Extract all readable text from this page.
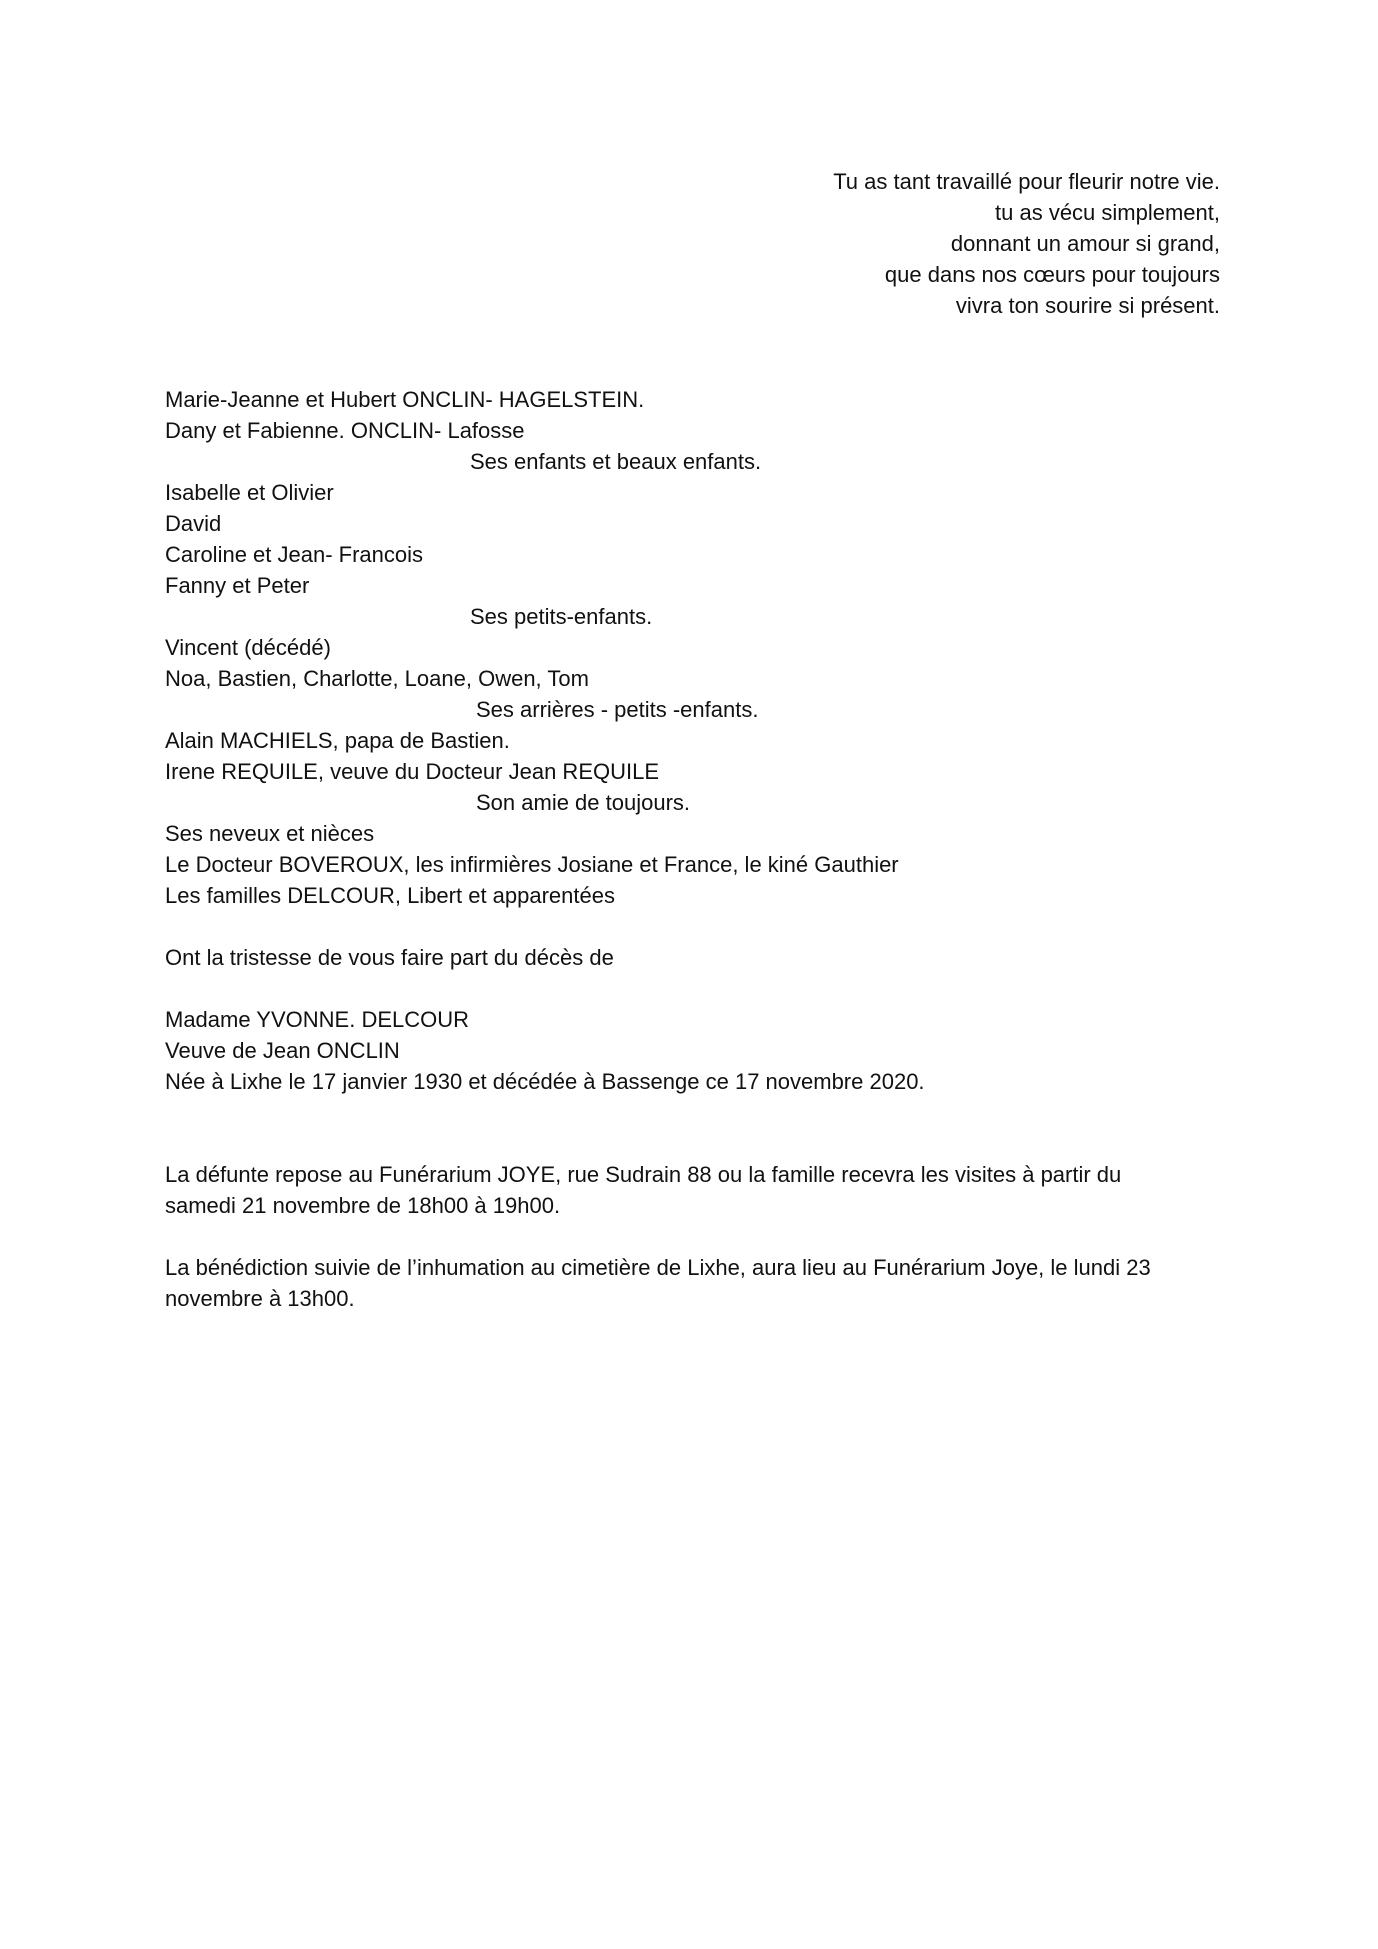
Tu as tant travaillé pour fleurir notre vie.
tu as vécu simplement,
donnant un amour si grand,
que dans nos cœurs pour toujours
vivra ton sourire si présent.
Marie-Jeanne et Hubert ONCLIN- HAGELSTEIN.
Dany et Fabienne. ONCLIN- Lafosse
Ses enfants et beaux enfants.
Isabelle et Olivier
David
Caroline et Jean- Francois
Fanny et Peter
Ses petits-enfants.
Vincent (décédé)
Noa, Bastien, Charlotte, Loane, Owen, Tom
Ses arrières - petits -enfants.
Alain MACHIELS, papa de Bastien.
Irene REQUILE, veuve du Docteur Jean REQUILE
Son amie de toujours.
Ses neveux et nièces
Le Docteur BOVEROUX, les infirmières Josiane et France, le kiné Gauthier
Les familles DELCOUR, Libert et apparentées
Ont la tristesse de vous faire part du décès de
Madame YVONNE. DELCOUR
Veuve de Jean ONCLIN
Née à Lixhe le 17 janvier 1930 et décédée à Bassenge ce 17 novembre 2020.
La défunte repose au Funérarium JOYE, rue Sudrain 88 ou la famille recevra les visites à partir du
samedi 21 novembre de 18h00 à 19h00.
La bénédiction suivie de l’inhumation au cimetière de Lixhe, aura lieu au Funérarium Joye, le lundi 23
novembre à 13h00.
